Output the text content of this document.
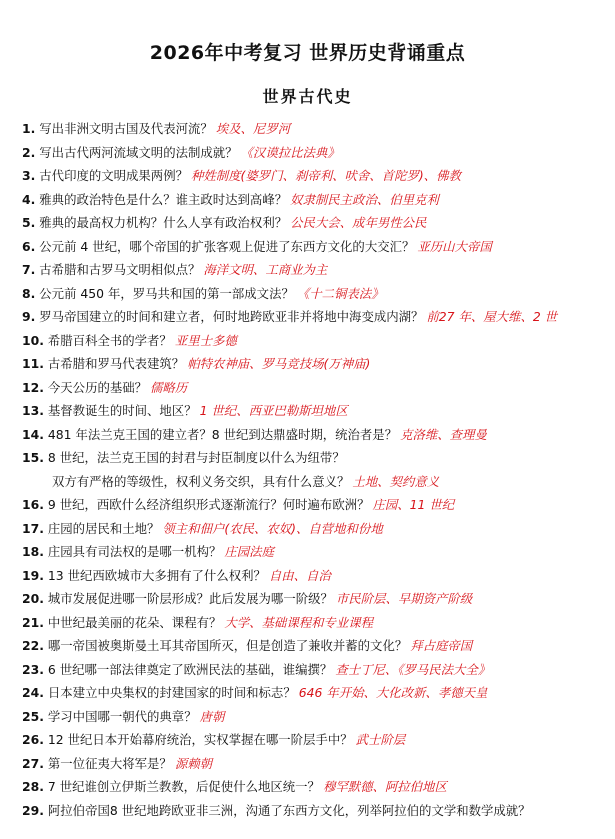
2026年中考复习 世界历史背诵重点
世界古代史
1. 写出非洲文明古国及代表河流？ 埃及、尼罗河
2. 写出古代两河流域文明的法制成就？ 《汉谟拉比法典》
3. 古代印度的文明成果两例？ 种姓制度(婆罗门、刹帝利、吠舍、首陀罗)、佛教
4. 雅典的政治特色是什么？谁主政时达到高峰？ 奴隶制民主政治、伯里克利
5. 雅典的最高权力机构？什么人享有政治权利？ 公民大会、成年男性公民
6. 公元前 4 世纪，哪个帝国的扩张客观上促进了东西方文化的大交汇？ 亚历山大帝国
7. 古希腊和古罗马文明相似点？ 海洋文明、工商业为主
8. 公元前 450 年，罗马共和国的第一部成文法？ 《十二铜表法》
9. 罗马帝国建立的时间和建立者，何时地跨欧亚非并将地中海变成内湖？ 前27 年、屋大维、2 世
10. 希腊百科全书的学者？ 亚里士多德
11. 古希腊和罗马代表建筑？ 帕特农神庙、罗马竞技场(万神庙)
12. 今天公历的基础？ 儒略历
13. 基督教诞生的时间、地区？ 1 世纪、西亚巴勒斯坦地区
14. 481 年法兰克王国的建立者？8 世纪到达鼎盛时期，统治者是？ 克洛维、查理曼
15. 8 世纪，法兰克王国的封君与封臣制度以什么为纽带？
双方有严格的等级性，权利义务交织，具有什么意义？ 土地、契约意义
16. 9 世纪，西欧什么经济组织形式逐渐流行？何时遍布欧洲？ 庄园、11 世纪
17. 庄园的居民和土地？ 领主和佃户(农民、农奴)、自营地和份地
18. 庄园具有司法权的是哪一机构？ 庄园法庭
19. 13 世纪西欧城市大多拥有了什么权利？ 自由、自治
20. 城市发展促进哪一阶层形成？此后发展为哪一阶级？ 市民阶层、早期资产阶级
21. 中世纪最美丽的花朵、课程有？ 大学、基础课程和专业课程
22. 哪一帝国被奥斯曼土耳其帝国所灭，但是创造了兼收并蓄的文化？ 拜占庭帝国
23. 6 世纪哪一部法律奠定了欧洲民法的基础，谁编撰？ 查士丁尼、《罗马民法大全》
24. 日本建立中央集权的封建国家的时间和标志？ 646 年开始、大化改新、孝德天皇
25. 学习中国哪一朝代的典章？ 唐朝
26. 12 世纪日本开始幕府统治，实权掌握在哪一阶层手中？ 武士阶层
27. 第一位征夷大将军是？ 源赖朝
28. 7 世纪谁创立伊斯兰教教，后促使什么地区统一？ 穆罕默德、阿拉伯地区
29. 阿拉伯帝国8 世纪地跨欧亚非三洲，沟通了东西方文化，列举阿拉伯的文学和数学成就？
